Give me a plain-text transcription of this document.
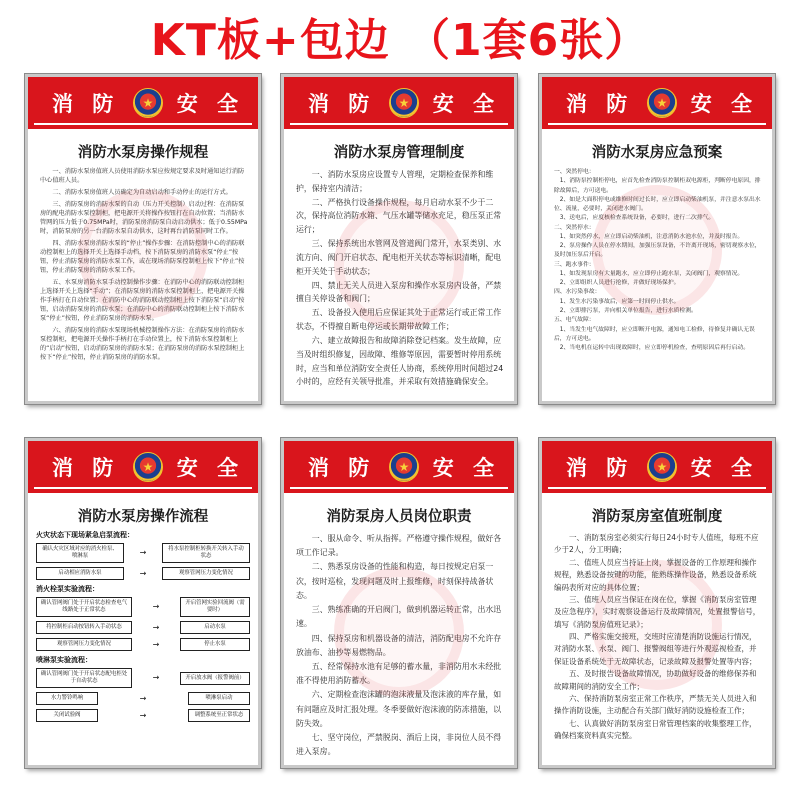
KT板+包边 （1套6张）
消 防 ★ 安 全
消防水泵房操作规程

一、消防水泵房值班人员使用消防水泵应按规定要求及时通知运行消防中心值班人员。

二、消防水泵房值班人员确定为自动启动和手动停止的运行方式。

三、消防泵房的消防水泵的自动（压力开关控制）启动过程：在消防泵房的配电消防水泵控制柜，把电源开关将操作按钮打在自动位置；当消防水管网的压力低于0.75MPa时，消防泵房消防泵自动启动供水；低于0.55MPa时，消防泵房的另一台消防水泵自动供水，这时再台消防泵同时工作。

四、消防水泵房消防水泵的“停止”操作步骤：在消防控制中心的消防联动控制柜上的选择开关上选择手动档，按下消防泵房的消防水泵“停止”按钮，停止消防泵房的消防水泵工作，或在现场消防泵控制柜上按下“停止”按钮，停止消防泵房的消防水泵工作。

五、水泵房消防水泵手动控制操作步骤：在消防中心的消防联动控制柜上选择开关上选择“手动”；在消防泵房的消防水泵控制柜上，把电源开关操作手柄打在自动位置；在消防中心的消防联动控制柜上按下消防泵“启动”按钮，启动消防泵房的消防水泵；在消防中心的消防联动控制柜上按下消防水泵“停止”按钮，停止消防泵房的消防水泵。

六、消防泵房的消防水泵现场机械控制操作方法：在消防泵房的消防水泵控制柜，把电源开关操作手柄打在手动位置上，按下消防水泵控制柜上的“启动”按钮，启动消防泵房的消防水泵；在消防泵房的消防水泵控制柜上按下“停止”按钮，停止消防泵房的消防水泵。

消 防 ★ 安 全
消防水泵房管理制度

一、消防水泵房应设置专人管理，定期检查保养和维护，保持室内清洁；

二、严格执行设备操作规程，每月启动水泵不少于二次，保持高位消防水箱、气压水罐等储水充足，稳压泵正常运行；

三、保持系统出水管网及管道阀门常开，水泵类别、水流方向、阀门开启状态、配电柜开关状态等标识清晰，配电柜开关处于手动状态；

四、禁止无关人员进入泵房和操作水泵房内设备，严禁擅自关停设备和阀门；

五、设备投入使用后应保证其处于正常运行或正常工作状态，不得擅自断电停运或长期带故障工作；

六、建立故障报告和故障消除登记档案。发生故障，应当及时组织修复，因故障、维修等原因，需要暂时停用系统时，应当和单位消防安全责任人协商，系统停用时间超过24小时的，应经有关领导批准，并采取有效措施确保安全。

消 防 ★ 安 全
消防水泵房应急预案

一、突然停电：

1、消防泵控制柜停电，应首先检查消防泵控制柜双电源柜，判断停电原因，排除故障后，方可送电。

2、如是大面积停电或维修时间过长时，应立即启动柴油机泵，并注意水泵出水位、流量，必要时，关闭进水阀门。

3、送电后，应度核检查系统设备，必要时，进行二次排气。

二、突然停水：

1、如突然停水，应立即启动柴油机，注意消防水池水位，并及时报告。

2、泵房操作人员在停水期间，加强压泵设备，不许离开现场，密切观察水位，及时加压泵后开启。

三、跑水事件：

1、如发现泵房有大量跑水，应立即停止跑水泵，关闭阀门，观察情况。

2、立即组织人员进行抢修，并做好现场保护。

四、水污染事故：

1、发生水污染事故后，应第一时间停止供水。

2、立即排污泵，并向相关单位报告，进行水质检测。

五、电气故障：

1、当发生电气故障时，应立即断开电源，通知电工检修，待修复并确认无误后，方可送电。

2、当电机在运转中出现故障时，应立即停机检查，查明原因后再行启动。

消 防 ★ 安 全
消防水泵房操作流程
火灾状态下现场紧急启泵流程：
确认火灾区域对应的消火栓泵、喷淋泵	→	将水泵控制柜转换开关转入手动状态
启动相应消防水泵	→	观察管网压力变化情况
消火栓泵实验流程：
确认管网阀门处于开启状态检查电气线路处于正常状态	→	开启管网实验回流阀（需要时）
将控制柜启动按钮转入手动状态	→	启动水泵
观察管网压力变化情况	→	停止水泵
喷淋泵实验流程：
确认管网阀门处于开启状态配电柜处于自动状态	→	开启放水阀（报警阀前）
水力警铃鸣响	→	喷淋泵启动
关闭试验阀	→	调整系统至正常状态
消 防 ★ 安 全
消防泵房人员岗位职责

一、服从命令、听从指挥。严格遵守操作规程，做好各项工作记录。

二、熟悉泵房设备的性能和构造，每日按规定启泵一次，按时巡检，发现问题及时上报维修，时刻保持战备状态。

三、熟练准确的开启阀门，做到机器运转正常，出水迅速。

四、保持泵房和机器设备的清洁，消防配电房不允许存放油布、油抄等易燃物品。

五、经常保持水池有足够的蓄水量，非消防用水未经批准不得使用消防蓄水。

六、定期检查泡沫罐的泡沫液量及泡沫液的库存量，如有问题应及时汇报处理。冬季要做好泡沫液的防冻措施，以防失效。

七、坚守岗位，严禁脱岗、酒后上岗，非岗位人员不得进入泵房。

消 防 ★ 安 全
消防泵房室值班制度

一、消防泵房室必须实行每日24小时专人值班，每班不应少于2人，分工明确；

二、值班人员应当持证上岗，掌握设备的工作原理和操作规程，熟悉设备按键的功能，能熟练操作设备，熟悉设备系统编码表所对应的具体位置；

三、值班人员应当保证在岗在位，掌握《消防泵房室管理及应急程序》，实时观察设备运行及故障情况，处置报警信号，填写《消防泵房值班记录》；

四、严格实施交接班，交班时应清楚消防设施运行情况，对消防水泵、水泵、阀门、报警阀组等进行外观巡视检查，并保证设备系统处于无故障状态，记录故障及报警处置等内容；

五、及时报告设备故障情况，协助做好设备的维修保养和故障期间的消防安全工作；

六、保持消防泵房室正常工作秩序，严禁无关人员进入和操作消防设施，主动配合有关部门做好消防设施检查工作；

七、认真做好消防泵房室日常管理档案的收集整理工作，确保档案资料真实完整。
